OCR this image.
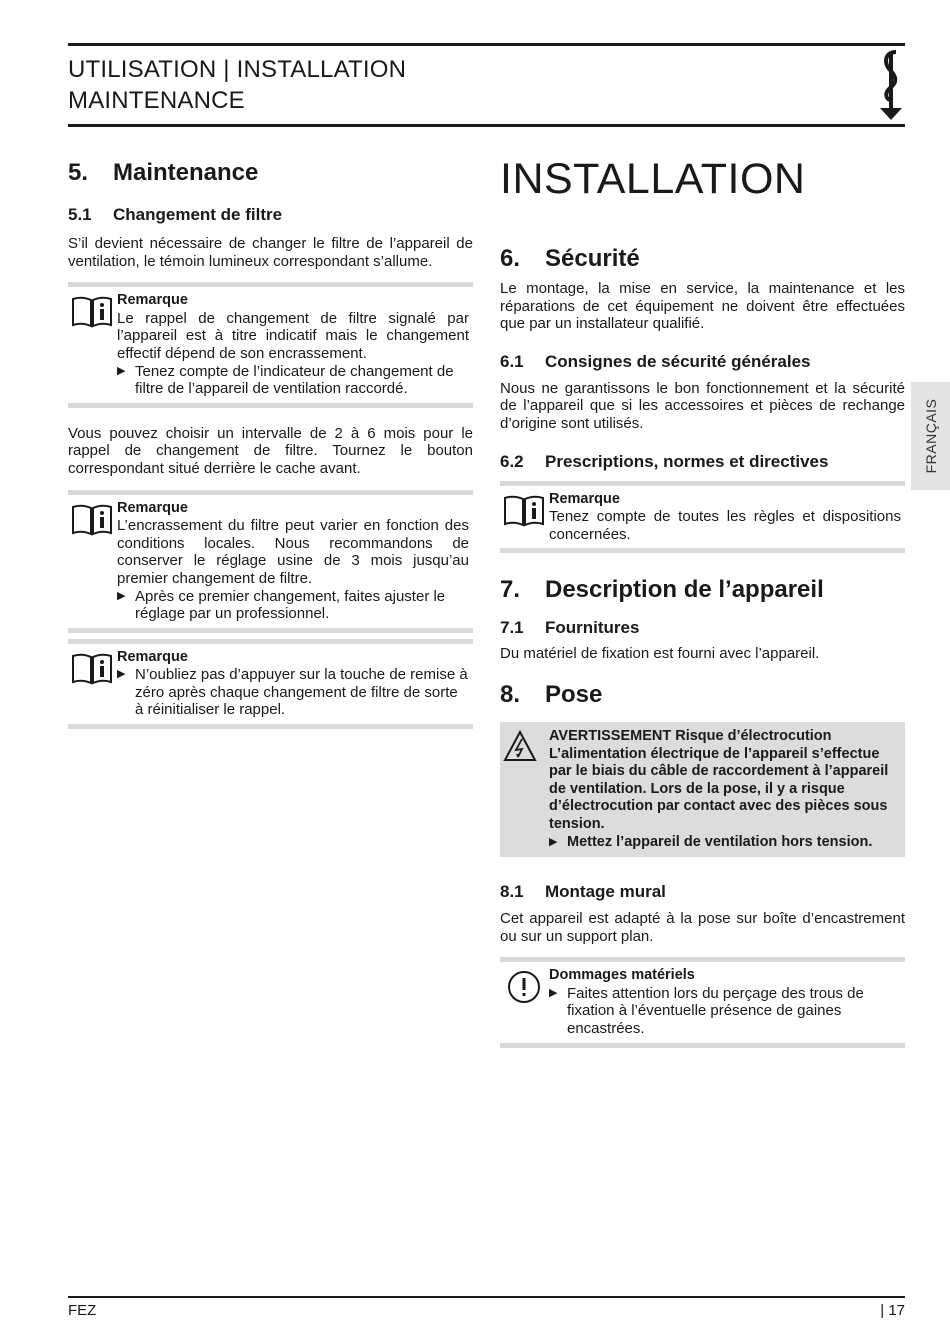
UTILISATION | INSTALLATION
MAINTENANCE
FRANÇAIS
5.	Maintenance
5.1	Changement de filtre

S’il devient nécessaire de changer le filtre de l’appareil de ventilation, le témoin lumineux correspondant s’allume.

Remarque
Le rappel de changement de filtre signalé par l’appareil est à titre indicatif mais le changement effectif dépend de son encrassement.
▶ Tenez compte de l’indicateur de changement de filtre de l’appareil de ventilation raccordé.

Vous pouvez choisir un intervalle de 2 à 6 mois pour le rappel de changement de filtre. Tournez le bouton correspondant situé derrière le cache avant.

Remarque
L’encrassement du filtre peut varier en fonction des conditions locales. Nous recommandons de conserver le réglage usine de 3 mois jusqu’au premier changement de filtre.
▶ Après ce premier changement, faites ajuster le réglage par un professionnel.
Remarque
▶ N’oubliez pas d’appuyer sur la touche de remise à zéro après chaque changement de filtre de sorte à réinitialiser le rappel.
INSTALLATION
6.	Sécurité

Le montage, la mise en service, la maintenance et les réparations de cet équipement ne doivent être effectuées que par un installateur qualifié.

6.1	Consignes de sécurité générales

Nous ne garantissons le bon fonctionnement et la sécurité de l’appareil que si les accessoires et pièces de rechange d’origine sont utilisés.

6.2	Prescriptions, normes et directives
Remarque
Tenez compte de toutes les règles et dispositions concernées.
7.	Description de l’appareil
7.1	Fournitures

Du matériel de fixation est fourni avec l’appareil.

8.	Pose
AVERTISSEMENT Risque d’électrocution
L’alimentation électrique de l’appareil s’effectue par le biais du câble de raccordement à l’appareil de ventilation. Lors de la pose, il y a risque d’électrocution par contact avec des pièces sous tension.
▶ Mettez l’appareil de ventilation hors tension.
8.1	Montage mural

Cet appareil est adapté à la pose sur boîte d’encastrement ou sur un support plan.

Dommages matériels
▶ Faites attention lors du perçage des trous de fixation à l’éventuelle présence de gaines encastrées.
FEZ	| 17
